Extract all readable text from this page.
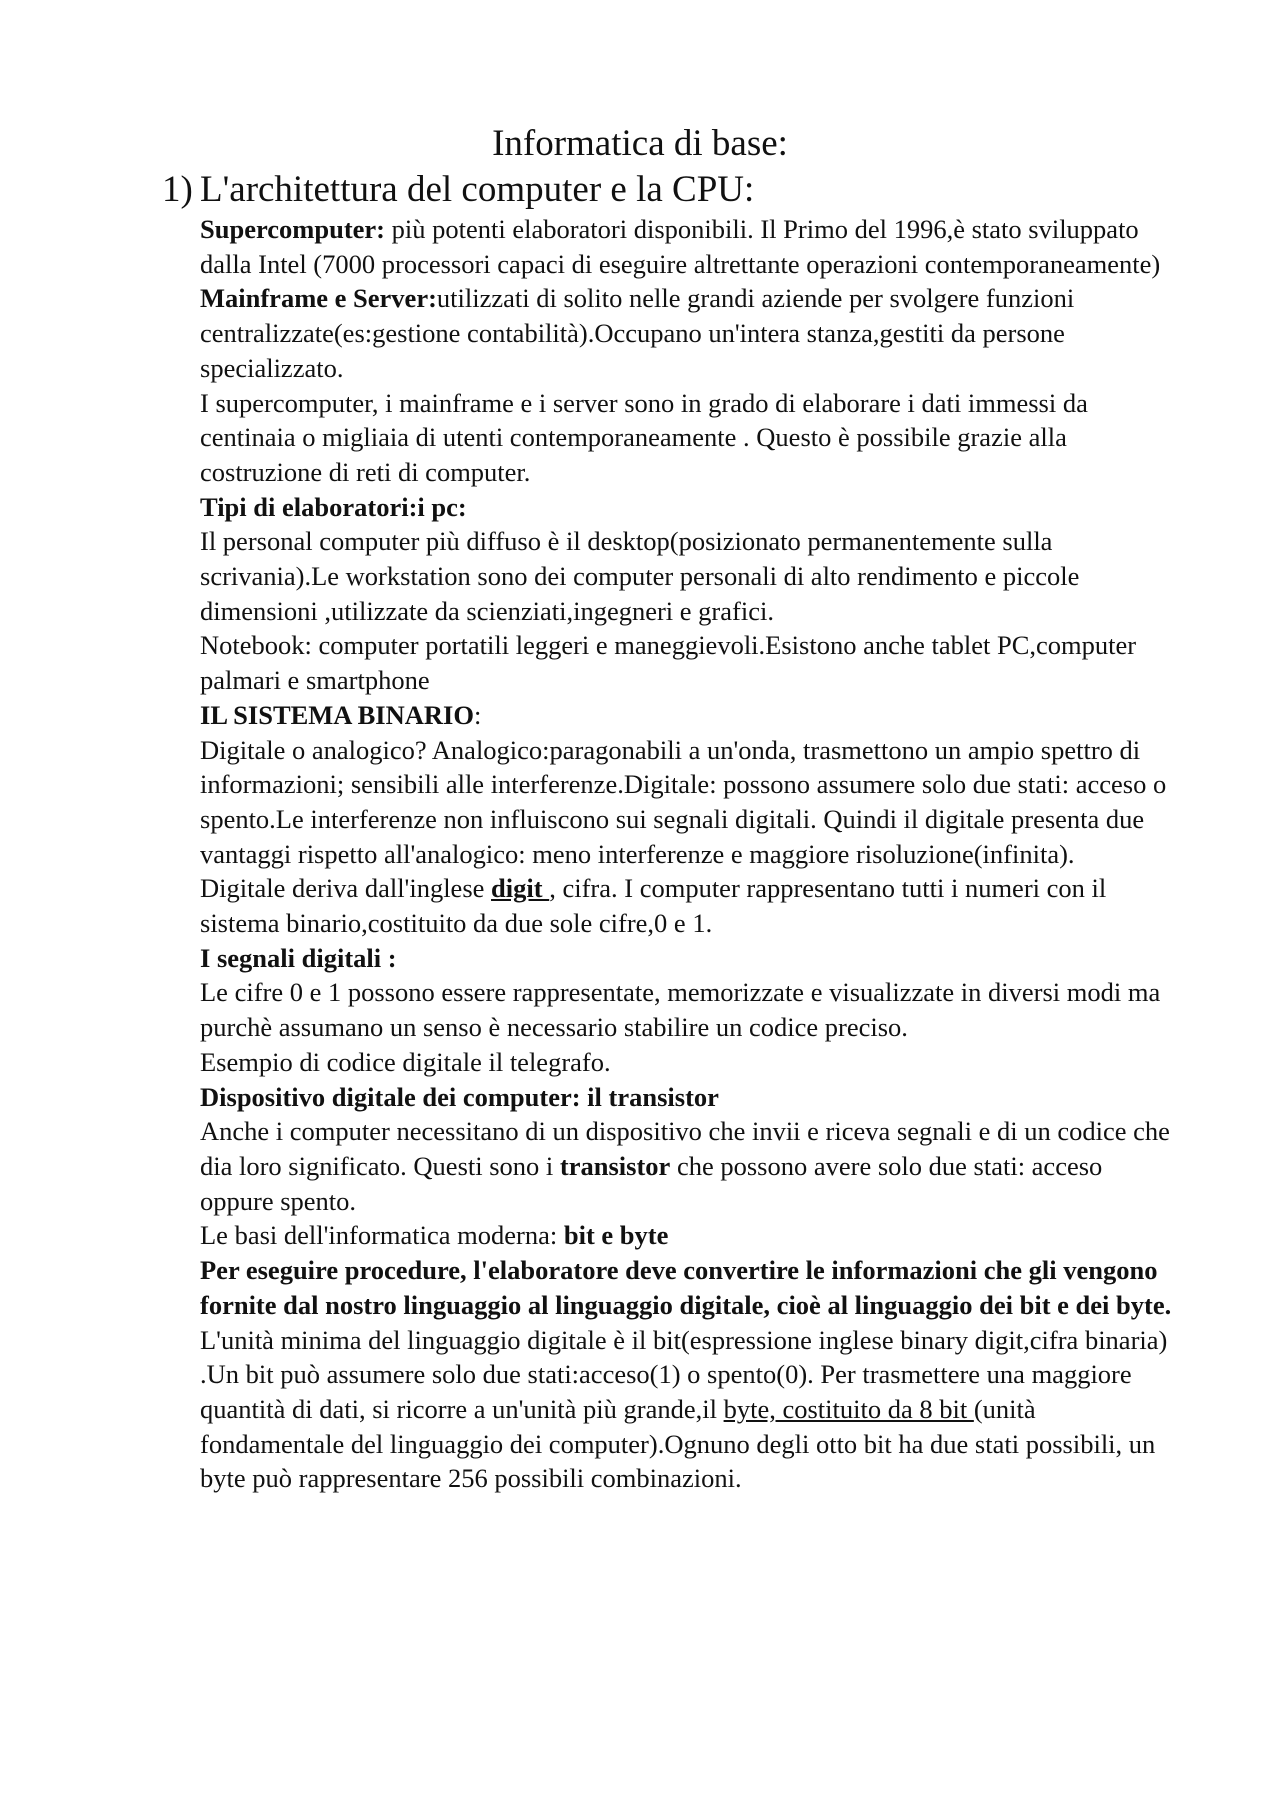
Informatica di base:
1) L'architettura del computer e la CPU:

Supercomputer: più potenti elaboratori disponibili. Il Primo del 1996,è stato sviluppato dalla Intel (7000 processori capaci di eseguire altrettante operazioni contemporaneamente)

Mainframe e Server:utilizzati di solito nelle grandi aziende per svolgere funzioni centralizzate(es:gestione contabilità).Occupano un'intera stanza,gestiti da persone specializzato.

I supercomputer, i mainframe e i server sono in grado di elaborare i dati immessi da centinaia o migliaia di utenti contemporaneamente . Questo è possibile grazie alla costruzione di reti di computer.

Tipi di elaboratori:i pc:

Il personal computer più diffuso è il desktop(posizionato permanentemente sulla scrivania).Le workstation sono dei computer personali di alto rendimento e piccole dimensioni ,utilizzate da scienziati,ingegneri e grafici.

Notebook: computer portatili leggeri e maneggievoli.Esistono anche tablet PC,computer palmari e smartphone

IL SISTEMA BINARIO:

Digitale o analogico? Analogico:paragonabili a un'onda, trasmettono un ampio spettro di informazioni; sensibili alle interferenze.Digitale: possono assumere solo due stati: acceso o spento.Le interferenze non influiscono sui segnali digitali. Quindi il digitale presenta due vantaggi rispetto all'analogico: meno interferenze e maggiore risoluzione(infinita).

Digitale deriva dall'inglese digit , cifra. I computer rappresentano tutti i numeri con il sistema binario,costituito da due sole cifre,0 e 1.

I segnali digitali :

Le cifre 0 e 1 possono essere rappresentate, memorizzate e visualizzate in diversi modi ma purchè assumano un senso è necessario stabilire un codice preciso.

Esempio di codice digitale il telegrafo.

Dispositivo digitale dei computer: il transistor

Anche i computer necessitano di un dispositivo che invii e riceva segnali e di un codice che dia loro significato. Questi sono i transistor che possono avere solo due stati: acceso oppure spento.

Le basi dell'informatica moderna: bit e byte

Per eseguire procedure, l'elaboratore deve convertire le informazioni che gli vengono fornite dal nostro linguaggio al linguaggio digitale, cioè al linguaggio dei bit e dei byte.

L'unità minima del linguaggio digitale è il bit(espressione inglese binary digit,cifra binaria) .Un bit può assumere solo due stati:acceso(1) o spento(0). Per trasmettere una maggiore quantità di dati, si ricorre a un'unità più grande,il byte, costituito da 8 bit (unità fondamentale del linguaggio dei computer).Ognuno degli otto bit ha due stati possibili, un byte può rappresentare 256 possibili combinazioni.
